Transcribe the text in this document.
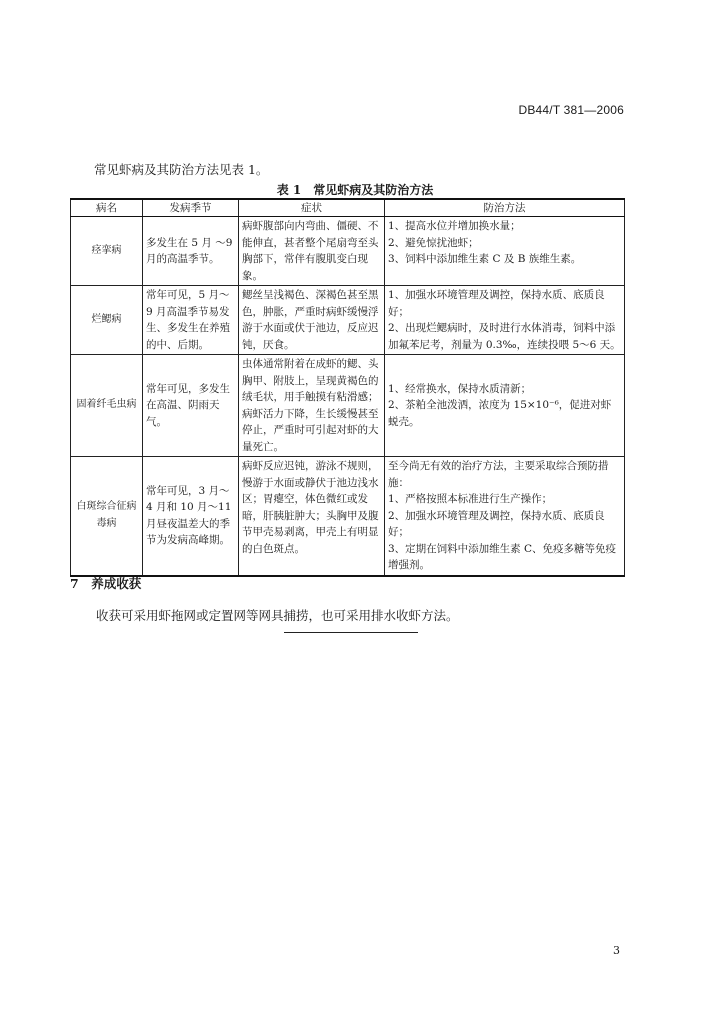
DB44/T 381—2006
常见虾病及其防治方法见表 1。
表 1　常见虾病及其防治方法
病名	发病季节	症状	防治方法
痉挛病	多发生在 5 月 ～9 月的高温季节。	病虾腹部向内弯曲、僵硬、不能伸直，甚者整个尾扇弯至头胸部下，常伴有腹肌变白现象。	1、提高水位并增加换水量；
2、避免惊扰池虾；
3、饲料中添加维生素 C 及 B 族维生素。

烂鳃病	常年可见，5 月～9 月高温季节易发生、多发生在养殖的中、后期。	鳃丝呈浅褐色、深褐色甚至黑色，肿胀，严重时病虾缓慢浮游于水面或伏于池边，反应迟钝，厌食。	1、加强水环境管理及调控，保持水质、底质良好；
2、出现烂鳃病时，及时进行水体消毒，饲料中添加氟苯尼考，剂量为 0.3‰，连续投喂 5～6 天。

固着纤毛虫病	常年可见，多发生在高温、阴雨天气。	虫体通常附着在成虾的鳃、头胸甲、附肢上，呈现黄褐色的绒毛状，用手触摸有粘滑感；病虾活力下降，生长缓慢甚至停止，严重时可引起对虾的大量死亡。	1、经常换水，保持水质清新；
2、茶粕全池泼洒，浓度为 15×10⁻⁶，促进对虾蜕壳。

白斑综合征病毒病	常年可见，3 月～4 月和 10 月～11 月昼夜温差大的季节为发病高峰期。	病虾反应迟钝，游泳不规则，慢游于水面或静伏于池边浅水区；胃瘪空，体色微红或发暗，肝胰脏肿大；头胸甲及腹节甲壳易剥离，甲壳上有明显的白色斑点。	至今尚无有效的治疗方法，主要采取综合预防措施：
1、严格按照本标准进行生产操作；
2、加强水环境管理及调控，保持水质、底质良好；
3、定期在饲料中添加维生素 C、免疫多糖等免疫增强剂。
7　养成收获
收获可采用虾拖网或定置网等网具捕捞，也可采用排水收虾方法。
3
